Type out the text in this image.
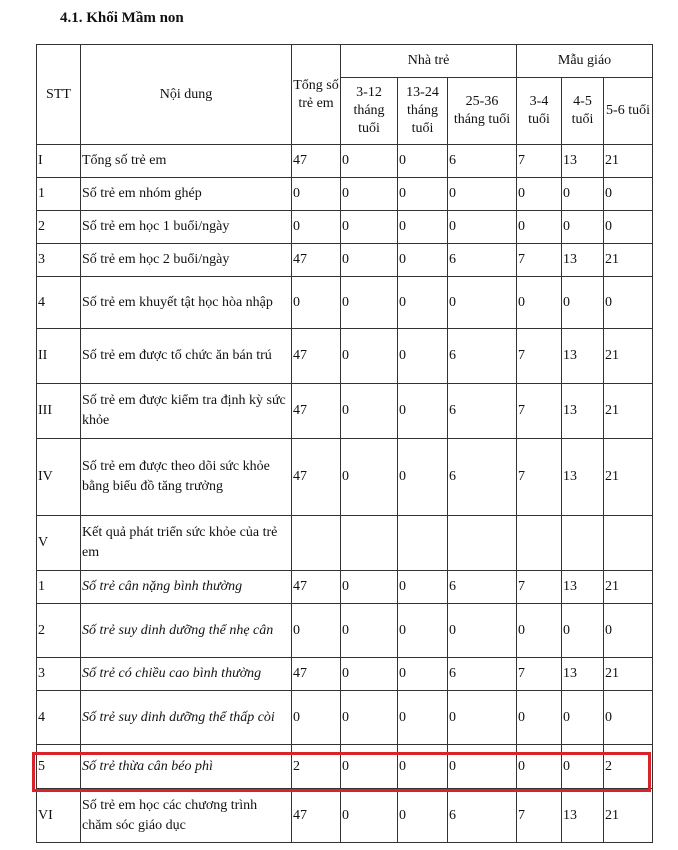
4.1. Khối Mầm non
STT	Nội dung	Tổng số trẻ em	Nhà trẻ			Mẫu giáo		
			3-12 tháng tuổi	13-24 tháng tuổi	25-36 tháng tuổi	3-4 tuổi	4-5 tuổi	5-6 tuổi
I	Tổng số trẻ em	47	0	0	6	7	13	21
1	Số trẻ em nhóm ghép	0	0	0	0	0	0	0
2	Số trẻ em học 1 buổi/ngày	0	0	0	0	0	0	0
3	Số trẻ em học 2 buổi/ngày	47	0	0	6	7	13	21
4	Số trẻ em khuyết tật học hòa nhập	0	0	0	0	0	0	0
II	Số trẻ em được tổ chức ăn bán trú	47	0	0	6	7	13	21
III	Số trẻ em được kiểm tra định kỳ sức khỏe	47	0	0	6	7	13	21
IV	Số trẻ em được theo dõi sức khỏe bằng biểu đồ tăng trưởng	47	0	0	6	7	13	21
V	Kết quả phát triển sức khỏe của trẻ em							
1	Số trẻ cân nặng bình thường	47	0	0	6	7	13	21
2	Số trẻ suy dinh dưỡng thể nhẹ cân	0	0	0	0	0	0	0
3	Số trẻ có chiều cao bình thường	47	0	0	6	7	13	21
4	Số trẻ suy dinh dưỡng thể thấp còi	0	0	0	0	0	0	0
5	Số trẻ thừa cân béo phì	2	0	0	0	0	0	2
VI	Số trẻ em học các chương trình chăm sóc giáo dục	47	0	0	6	7	13	21
